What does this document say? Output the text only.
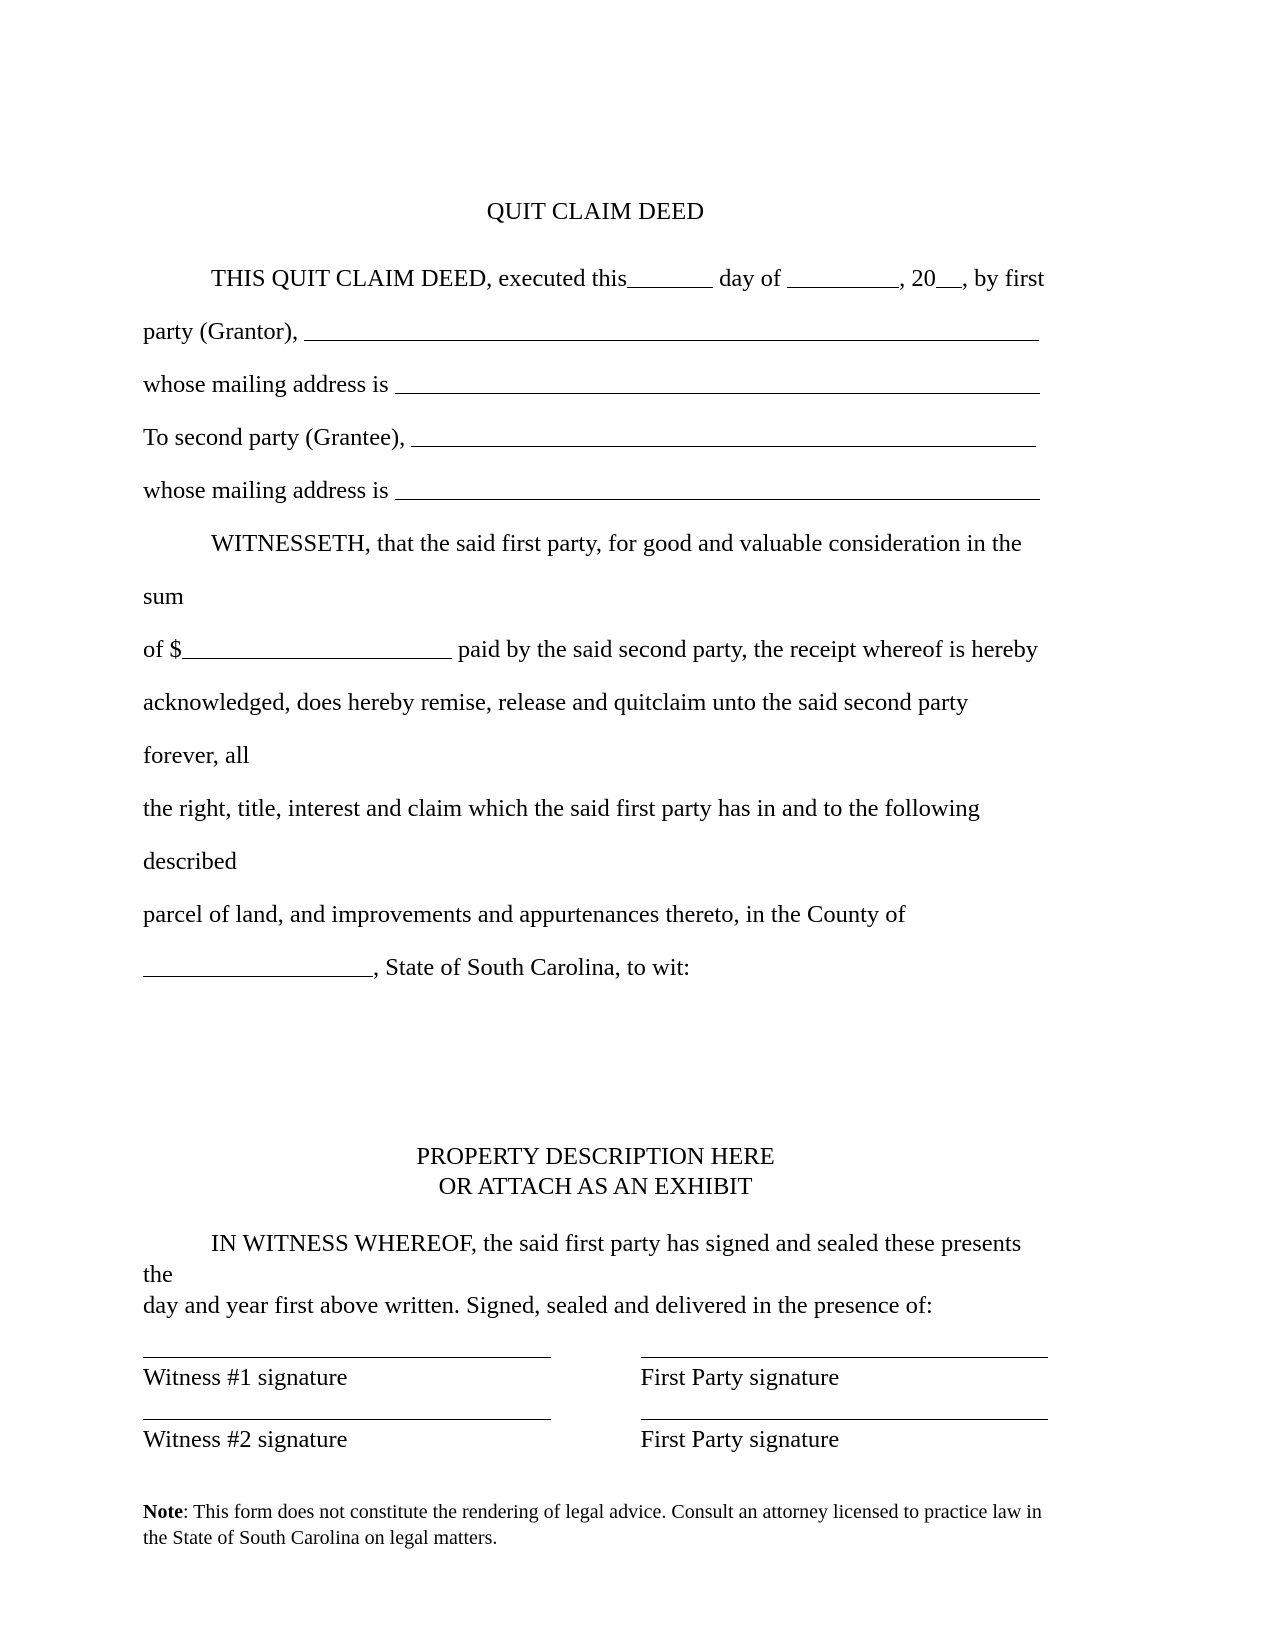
QUIT CLAIM DEED

THIS QUIT CLAIM DEED, executed this	day of	, 20 , by first

party (Grantor),
whose mailing address is
To second party (Grantee),
whose mailing address is

WITNESSETH, that the said first party, for good and valuable consideration in the sum

of $	paid by the said second party, the receipt whereof is hereby

acknowledged, does hereby remise, release and quitclaim unto the said second party forever, all

the right, title, interest and claim which the said first party has in and to the following described

parcel of land, and improvements and appurtenances thereto, in the County of

, State of South Carolina, to wit:
PROPERTY DESCRIPTION HERE
OR ATTACH AS AN EXHIBIT

IN WITNESS WHEREOF, the said first party has signed and sealed these presents the
day and year first above written. Signed, sealed and delivered in the presence of:

Witness #1 signature	First Party signature
Witness #2 signature	First Party signature
Note: This form does not constitute the rendering of legal advice. Consult an attorney licensed to practice law in the State of South Carolina on legal matters.
